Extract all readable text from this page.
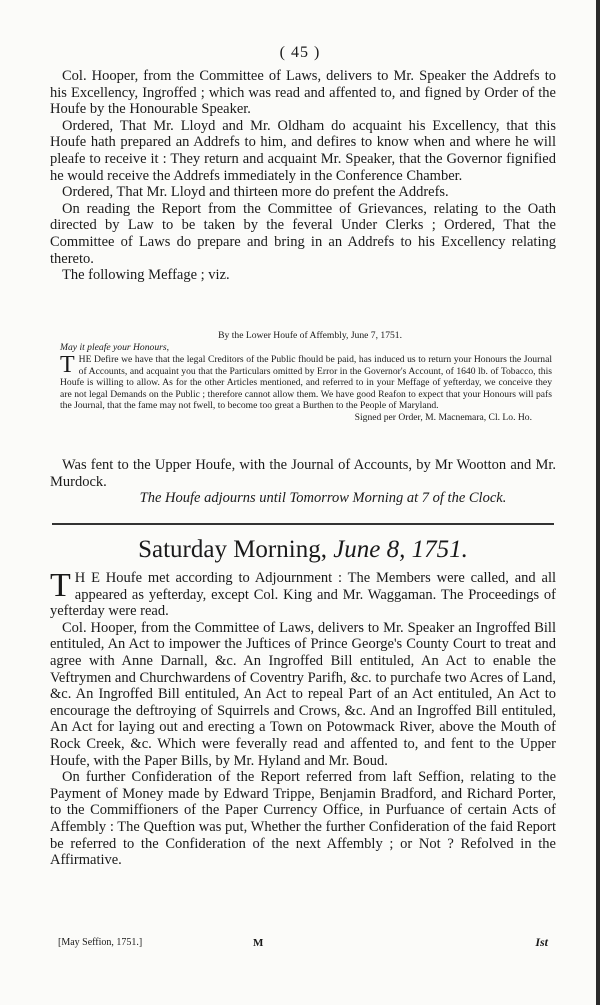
( 45 )

Col. Hooper, from the Committee of Laws, delivers to Mr. Speaker the Addrefs to his Excellency, Ingroffed ; which was read and affented to, and figned by Order of the Houfe by the Honourable Speaker.

Ordered, That Mr. Lloyd and Mr. Oldham do acquaint his Excellency, that this Houfe hath prepared an Addrefs to him, and defires to know when and where he will pleafe to receive it : They return and acquaint Mr. Speaker, that the Governor fignified he would receive the Addrefs immediately in the Conference Chamber.

Ordered, That Mr. Lloyd and thirteen more do prefent the Addrefs.

On reading the Report from the Committee of Grievances, relating to the Oath directed by Law to be taken by the feveral Under Clerks ; Ordered, That the Committee of Laws do prepare and bring in an Addrefs to his Excellency relating thereto.

The following Meffage ; viz.

By the Lower Houfe of Affembly, June 7, 1751.
May it pleafe your Honours,
T HE Defire we have that the legal Creditors of the Public fhould be paid, has induced us to return your Honours the Journal of Accounts, and acquaint you that the Particulars omitted by Error in the Governor's Account, of 1640 lb. of Tobacco, this Houfe is willing to allow. As for the other Articles mentioned, and referred to in your Meffage of yefterday, we conceive they are not legal Demands on the Public ; therefore cannot allow them. We have good Reafon to expect that your Honours will pafs the Journal, that the fame may not fwell, to become too great a Burthen to the People of Maryland.
Signed per Order, M. Macnemara, Cl. Lo. Ho.

Was fent to the Upper Houfe, with the Journal of Accounts, by Mr Wootton and Mr. Murdock.

The Houfe adjourns until Tomorrow Morning at 7 of the Clock.

Saturday Morning, June 8, 1751.

T H E Houfe met according to Adjournment : The Members were called, and all appeared as yefterday, except Col. King and Mr. Waggaman. The Proceedings of yefterday were read.

Col. Hooper, from the Committee of Laws, delivers to Mr. Speaker an Ingroffed Bill entituled, An Act to impower the Juftices of Prince George's County Court to treat and agree with Anne Darnall, &c. An Ingroffed Bill entituled, An Act to enable the Veftrymen and Churchwardens of Coventry Parifh, &c. to purchafe two Acres of Land, &c. An Ingroffed Bill entituled, An Act to repeal Part of an Act entituled, An Act to encourage the deftroying of Squirrels and Crows, &c. And an Ingroffed Bill entituled, An Act for laying out and erecting a Town on Potowmack River, above the Mouth of Rock Creek, &c. Which were feverally read and affented to, and fent to the Upper Houfe, with the Paper Bills, by Mr. Hyland and Mr. Boud.

On further Confideration of the Report referred from laft Seffion, relating to the Payment of Money made by Edward Trippe, Benjamin Bradford, and Richard Porter, to the Commiffioners of the Paper Currency Office, in Purfuance of certain Acts of Affembly : The Queftion was put, Whether the further Confideration of the faid Report be referred to the Confideration of the next Affembly ; or Not ? Refolved in the Affirmative.

[May Seffion, 1751.]	M	Ist
